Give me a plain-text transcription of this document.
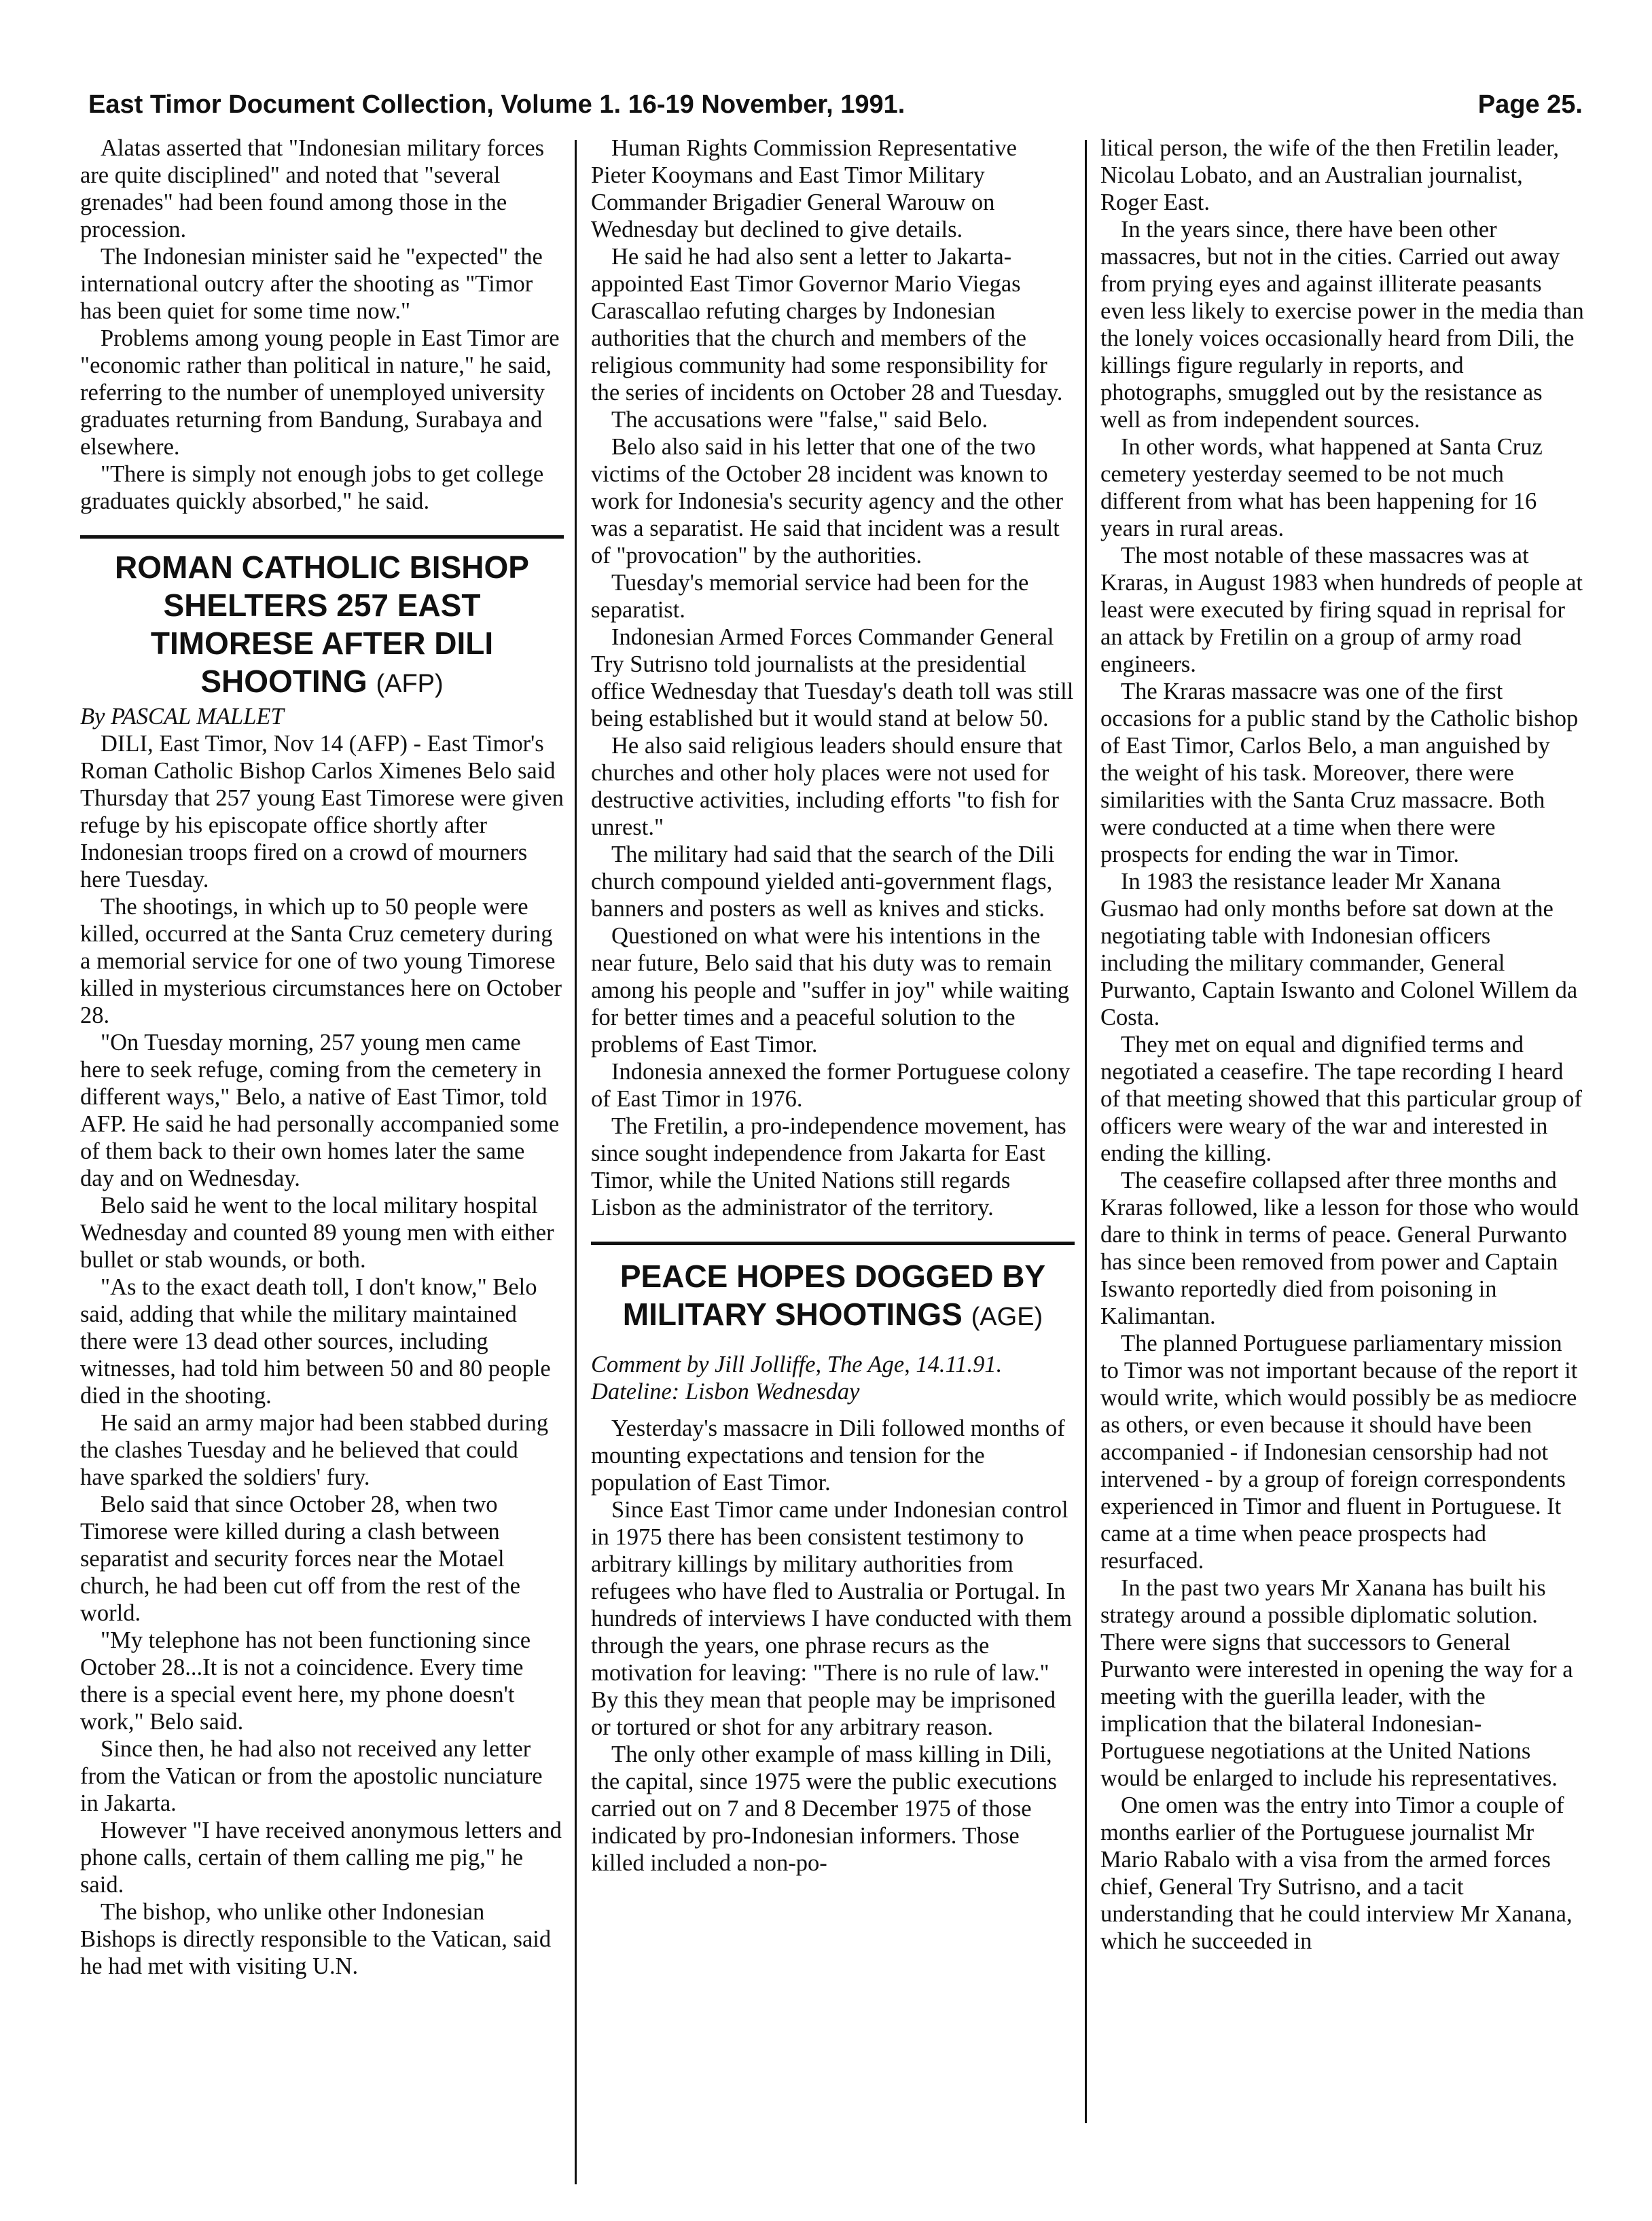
East Timor Document Collection, Volume 1. 16-19 November, 1991.	Page 25.

Alatas asserted that "Indonesian military forces are quite disciplined" and noted that "several grenades" had been found among those in the procession.

The Indonesian minister said he "expected" the international outcry after the shooting as "Timor has been quiet for some time now."

Problems among young people in East Timor are "economic rather than political in nature," he said, referring to the number of unemployed university graduates returning from Bandung, Surabaya and elsewhere.

"There is simply not enough jobs to get college graduates quickly absorbed," he said.

ROMAN CATHOLIC BISHOP SHELTERS 257 EAST TIMORESE AFTER DILI SHOOTING (AFP)

By PASCAL MALLET

DILI, East Timor, Nov 14 (AFP) - East Timor's Roman Catholic Bishop Carlos Ximenes Belo said Thursday that 257 young East Timorese were given refuge by his episcopate office shortly after Indonesian troops fired on a crowd of mourners here Tuesday.

The shootings, in which up to 50 people were killed, occurred at the Santa Cruz cemetery during a memorial service for one of two young Timorese killed in mysterious circumstances here on October 28.

"On Tuesday morning, 257 young men came here to seek refuge, coming from the cemetery in different ways," Belo, a native of East Timor, told AFP. He said he had personally accompanied some of them back to their own homes later the same day and on Wednesday.

Belo said he went to the local military hospital Wednesday and counted 89 young men with either bullet or stab wounds, or both.

"As to the exact death toll, I don't know," Belo said, adding that while the military maintained there were 13 dead other sources, including witnesses, had told him between 50 and 80 people died in the shooting.

He said an army major had been stabbed during the clashes Tuesday and he believed that could have sparked the soldiers' fury.

Belo said that since October 28, when two Timorese were killed during a clash between separatist and security forces near the Motael church, he had been cut off from the rest of the world.

"My telephone has not been functioning since October 28...It is not a coincidence. Every time there is a special event here, my phone doesn't work," Belo said.

Since then, he had also not received any letter from the Vatican or from the apostolic nunciature in Jakarta.

However "I have received anonymous letters and phone calls, certain of them calling me pig," he said.

The bishop, who unlike other Indonesian Bishops is directly responsible to the Vatican, said he had met with visiting U.N.

Human Rights Commission Representative Pieter Kooymans and East Timor Military Commander Brigadier General Warouw on Wednesday but declined to give details.

He said he had also sent a letter to Jakarta-appointed East Timor Governor Mario Viegas Carascallao refuting charges by Indonesian authorities that the church and members of the religious community had some responsibility for the series of incidents on October 28 and Tuesday.

The accusations were "false," said Belo.

Belo also said in his letter that one of the two victims of the October 28 incident was known to work for Indonesia's security agency and the other was a separatist. He said that incident was a result of "provocation" by the authorities.

Tuesday's memorial service had been for the separatist.

Indonesian Armed Forces Commander General Try Sutrisno told journalists at the presidential office Wednesday that Tuesday's death toll was still being established but it would stand at below 50.

He also said religious leaders should ensure that churches and other holy places were not used for destructive activities, including efforts "to fish for unrest."

The military had said that the search of the Dili church compound yielded anti-government flags, banners and posters as well as knives and sticks.

Questioned on what were his intentions in the near future, Belo said that his duty was to remain among his people and "suffer in joy" while waiting for better times and a peaceful solution to the problems of East Timor.

Indonesia annexed the former Portuguese colony of East Timor in 1976.

The Fretilin, a pro-independence movement, has since sought independence from Jakarta for East Timor, while the United Nations still regards Lisbon as the administrator of the territory.

PEACE HOPES DOGGED BY MILITARY SHOOTINGS (AGE)

Comment by Jill Jolliffe, The Age, 14.11.91.

Dateline: Lisbon Wednesday

Yesterday's massacre in Dili followed months of mounting expectations and tension for the population of East Timor.

Since East Timor came under Indonesian control in 1975 there has been consistent testimony to arbitrary killings by military authorities from refugees who have fled to Australia or Portugal. In hundreds of interviews I have conducted with them through the years, one phrase recurs as the motivation for leaving: "There is no rule of law." By this they mean that people may be imprisoned or tortured or shot for any arbitrary reason.

The only other example of mass killing in Dili, the capital, since 1975 were the public executions carried out on 7 and 8 December 1975 of those indicated by pro-Indonesian informers. Those killed included a non-po-

litical person, the wife of the then Fretilin leader, Nicolau Lobato, and an Australian journalist, Roger East.

In the years since, there have been other massacres, but not in the cities. Carried out away from prying eyes and against illiterate peasants even less likely to exercise power in the media than the lonely voices occasionally heard from Dili, the killings figure regularly in reports, and photographs, smuggled out by the resistance as well as from independent sources.

In other words, what happened at Santa Cruz cemetery yesterday seemed to be not much different from what has been happening for 16 years in rural areas.

The most notable of these massacres was at Kraras, in August 1983 when hundreds of people at least were executed by firing squad in reprisal for an attack by Fretilin on a group of army road engineers.

The Kraras massacre was one of the first occasions for a public stand by the Catholic bishop of East Timor, Carlos Belo, a man anguished by the weight of his task. Moreover, there were similarities with the Santa Cruz massacre. Both were conducted at a time when there were prospects for ending the war in Timor.

In 1983 the resistance leader Mr Xanana Gusmao had only months before sat down at the negotiating table with Indonesian officers including the military commander, General Purwanto, Captain Iswanto and Colonel Willem da Costa.

They met on equal and dignified terms and negotiated a ceasefire. The tape recording I heard of that meeting showed that this particular group of officers were weary of the war and interested in ending the killing.

The ceasefire collapsed after three months and Kraras followed, like a lesson for those who would dare to think in terms of peace. General Purwanto has since been removed from power and Captain Iswanto reportedly died from poisoning in Kalimantan.

The planned Portuguese parliamentary mission to Timor was not important because of the report it would write, which would possibly be as mediocre as others, or even because it should have been accompanied - if Indonesian censorship had not intervened - by a group of foreign correspondents experienced in Timor and fluent in Portuguese. It came at a time when peace prospects had resurfaced.

In the past two years Mr Xanana has built his strategy around a possible diplomatic solution. There were signs that successors to General Purwanto were interested in opening the way for a meeting with the guerilla leader, with the implication that the bilateral Indonesian-Portuguese negotiations at the United Nations would be enlarged to include his representatives.

One omen was the entry into Timor a couple of months earlier of the Portuguese journalist Mr Mario Rabalo with a visa from the armed forces chief, General Try Sutrisno, and a tacit understanding that he could interview Mr Xanana, which he succeeded in
